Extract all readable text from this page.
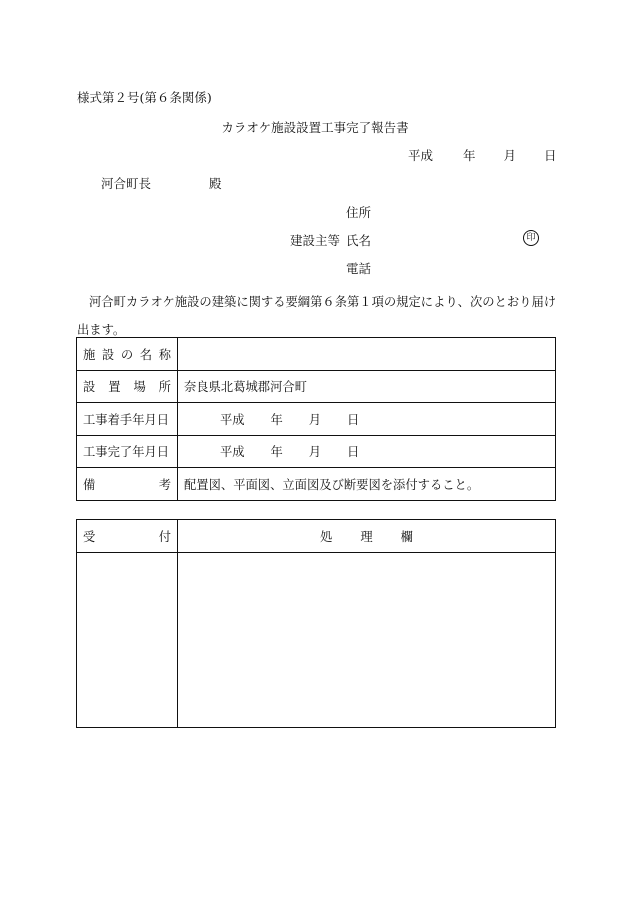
様式第２号(第６条関係)
カラオケ施設設置工事完了報告書
平成 年 月 日
河合町長	殿
住所
建設主等 氏名	印
電話
河合町カラオケ施設の建築に関する要綱第６条第１項の規定により、次のとおり届け出ます。
施 設 の 名 称	

設 置 場 所	奈良県北葛城郡河合町
工事着手年月日	平成 年 月 日
工事完了年月日	平成 年 月 日

備 考	配置図、平面図、立面図及び断要図を添付すること。
受 付	処 理 欄
